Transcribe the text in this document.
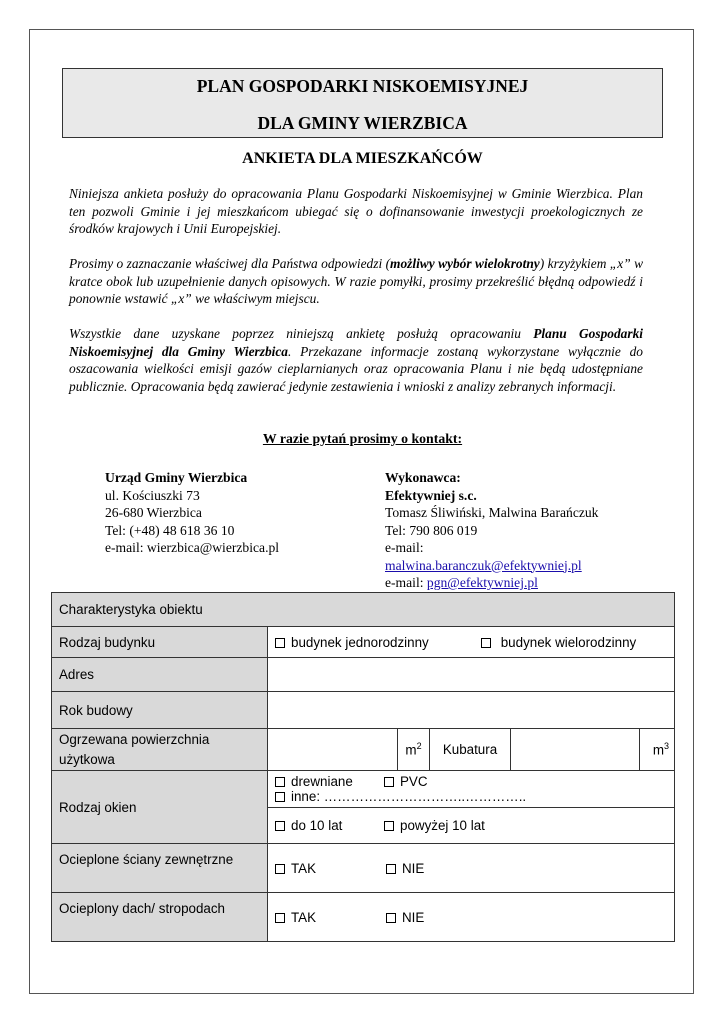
PLAN GOSPODARKI NISKOEMISYJNEJ
DLA GMINY WIERZBICA
ANKIETA DLA MIESZKAŃCÓW
Niniejsza ankieta posłuży do opracowania Planu Gospodarki Niskoemisyjnej w Gminie Wierzbica. Plan ten pozwoli Gminie i jej mieszkańcom ubiegać się o dofinansowanie inwestycji proekologicznych ze środków krajowych i Unii Europejskiej.
Prosimy o zaznaczanie właściwej dla Państwa odpowiedzi (możliwy wybór wielokrotny) krzyżykiem „x” w kratce obok lub uzupełnienie danych opisowych. W razie pomyłki, prosimy przekreślić błędną odpowiedź i ponownie wstawić „x” we właściwym miejscu.
Wszystkie dane uzyskane poprzez niniejszą ankietę posłużą opracowaniu Planu Gospodarki Niskoemisyjnej dla Gminy Wierzbica. Przekazane informacje zostaną wykorzystane wyłącznie do oszacowania wielkości emisji gazów cieplarnianych oraz opracowania Planu i nie będą udostępniane publicznie. Opracowania będą zawierać jedynie zestawienia i wnioski z analizy zebranych informacji.
W razie pytań prosimy o kontakt:
Urząd Gminy Wierzbica
ul. Kościuszki 73
26-680 Wierzbica
Tel: (+48) 48 618 36 10
e-mail: wierzbica@wierzbica.pl
Wykonawca:
Efektywniej s.c.
Tomasz Śliwiński, Malwina Barańczuk
Tel: 790 806 019
e-mail:
malwina.baranczuk@efektywniej.pl
e-mail: pgn@efektywniej.pl
Charakterystyka obiektu					
Rodzaj budynku	budynek jednorodzinny budynek wielorodzinny				
Adres					
Rok budowy					
Ogrzewana powierzchnia użytkowa		$m^2$	Kubatura		$m^3$
Rodzaj okien	drewniane PVCinne: …………………………..…………..				
	do 10 lat powyżej 10 lat				
Ocieplone ściany zewnętrzne	TAK NIE				
Ocieplony dach/ stropodach	TAK NIE				
